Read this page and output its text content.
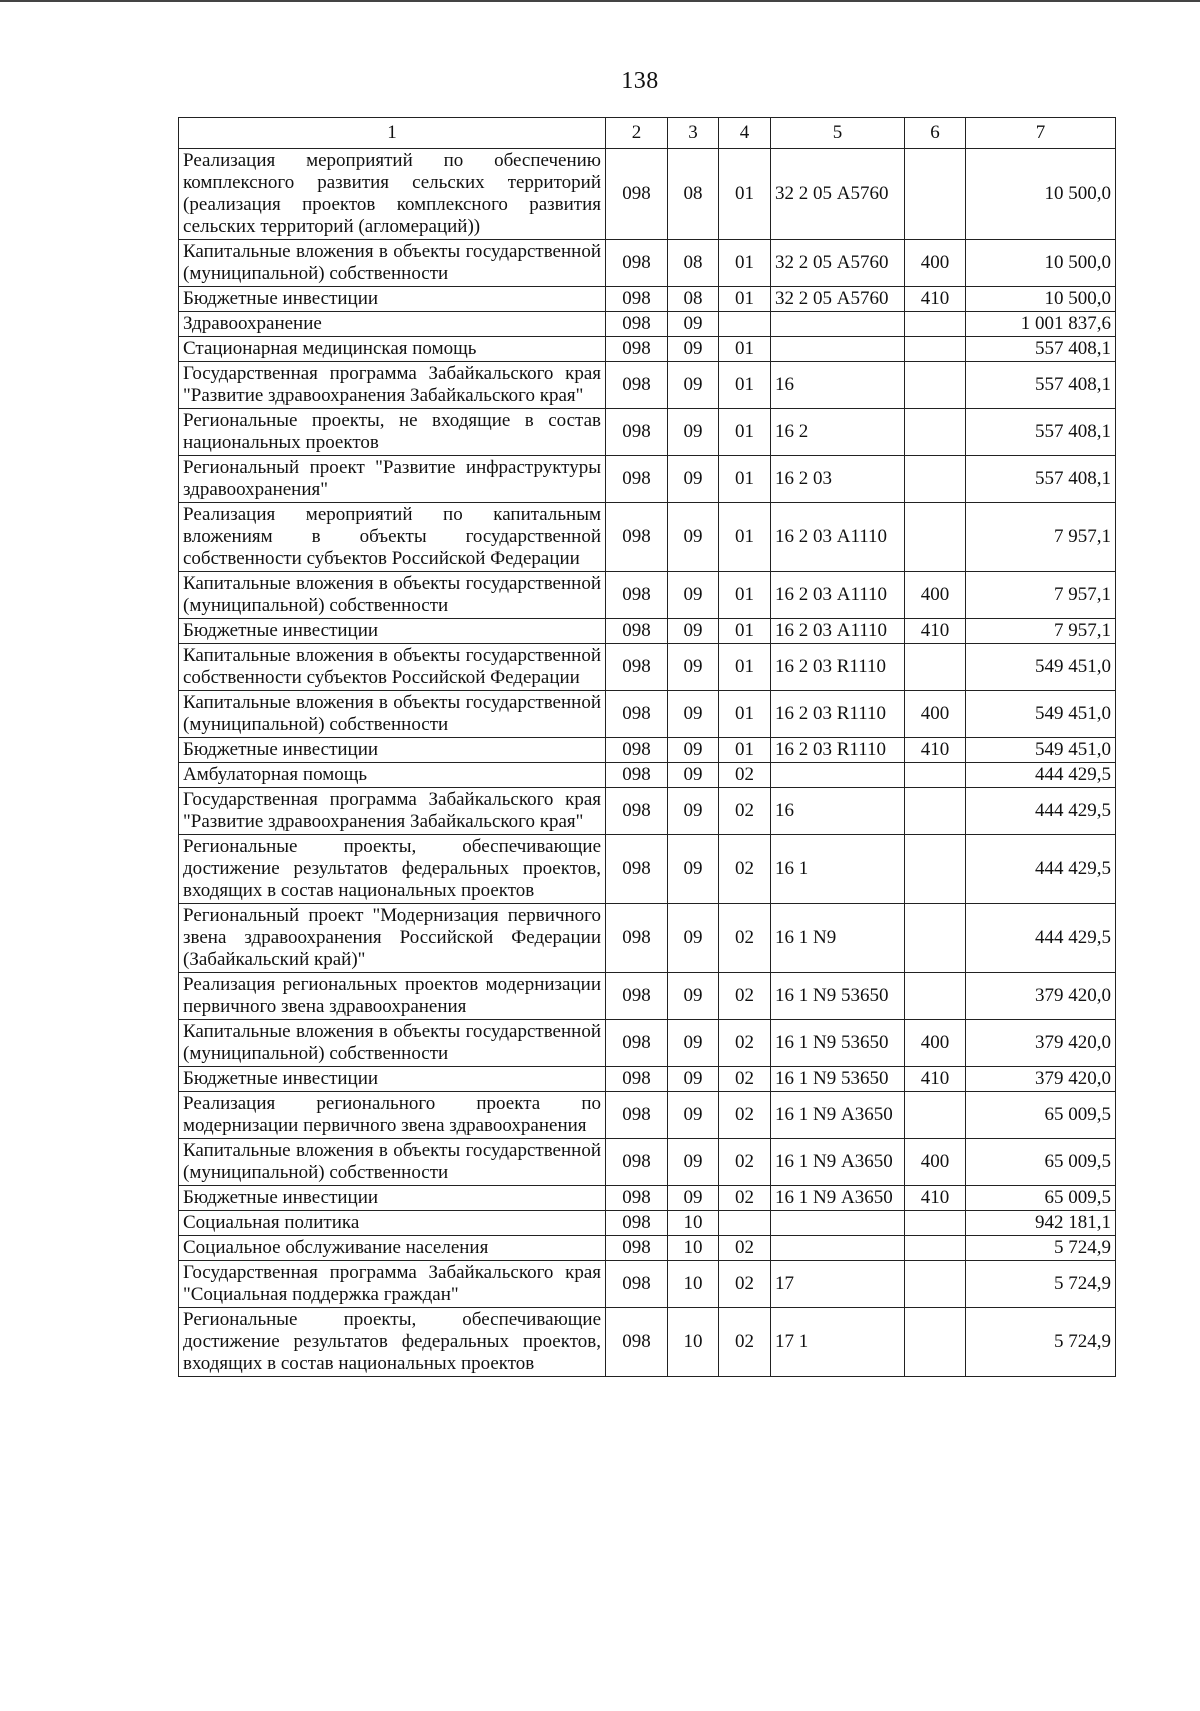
138
1	2	3	4	5	6	7
Реализация мероприятий по обеспечению комплексного развития сельских территорий (реализация проектов комплексного развития сельских территорий (агломераций))	098	08	01	32 2 05 А5760		10 500,0
Капитальные вложения в объекты государственной (муниципальной) собственности	098	08	01	32 2 05 А5760	400	10 500,0
Бюджетные инвестиции	098	08	01	32 2 05 А5760	410	10 500,0
Здравоохранение	098	09				1 001 837,6
Стационарная медицинская помощь	098	09	01			557 408,1
Государственная программа Забайкальского края "Развитие здравоохранения Забайкальского края"	098	09	01	16		557 408,1
Региональные проекты, не входящие в состав национальных проектов	098	09	01	16 2		557 408,1
Региональный проект "Развитие инфраструктуры здравоохранения"	098	09	01	16 2 03		557 408,1
Реализация мероприятий по капитальным вложениям в объекты государственной собственности субъектов Российской Федерации	098	09	01	16 2 03 А1110		7 957,1
Капитальные вложения в объекты государственной (муниципальной) собственности	098	09	01	16 2 03 А1110	400	7 957,1
Бюджетные инвестиции	098	09	01	16 2 03 А1110	410	7 957,1
Капитальные вложения в объекты государственной собственности субъектов Российской Федерации	098	09	01	16 2 03 R1110		549 451,0
Капитальные вложения в объекты государственной (муниципальной) собственности	098	09	01	16 2 03 R1110	400	549 451,0
Бюджетные инвестиции	098	09	01	16 2 03 R1110	410	549 451,0
Амбулаторная помощь	098	09	02			444 429,5
Государственная программа Забайкальского края "Развитие здравоохранения Забайкальского края"	098	09	02	16		444 429,5
Региональные проекты, обеспечивающие достижение результатов федеральных проектов, входящих в состав национальных проектов	098	09	02	16 1		444 429,5
Региональный проект "Модернизация первичного звена здравоохранения Российской Федерации (Забайкальский край)"	098	09	02	16 1 N9		444 429,5
Реализация региональных проектов модернизации первичного звена здравоохранения	098	09	02	16 1 N9 53650		379 420,0
Капитальные вложения в объекты государственной (муниципальной) собственности	098	09	02	16 1 N9 53650	400	379 420,0
Бюджетные инвестиции	098	09	02	16 1 N9 53650	410	379 420,0
Реализация регионального проекта по модернизации первичного звена здравоохранения	098	09	02	16 1 N9 А3650		65 009,5
Капитальные вложения в объекты государственной (муниципальной) собственности	098	09	02	16 1 N9 А3650	400	65 009,5
Бюджетные инвестиции	098	09	02	16 1 N9 А3650	410	65 009,5
Социальная политика	098	10				942 181,1
Социальное обслуживание населения	098	10	02			5 724,9
Государственная программа Забайкальского края "Социальная поддержка граждан"	098	10	02	17		5 724,9
Региональные проекты, обеспечивающие достижение результатов федеральных проектов, входящих в состав национальных проектов	098	10	02	17 1		5 724,9
